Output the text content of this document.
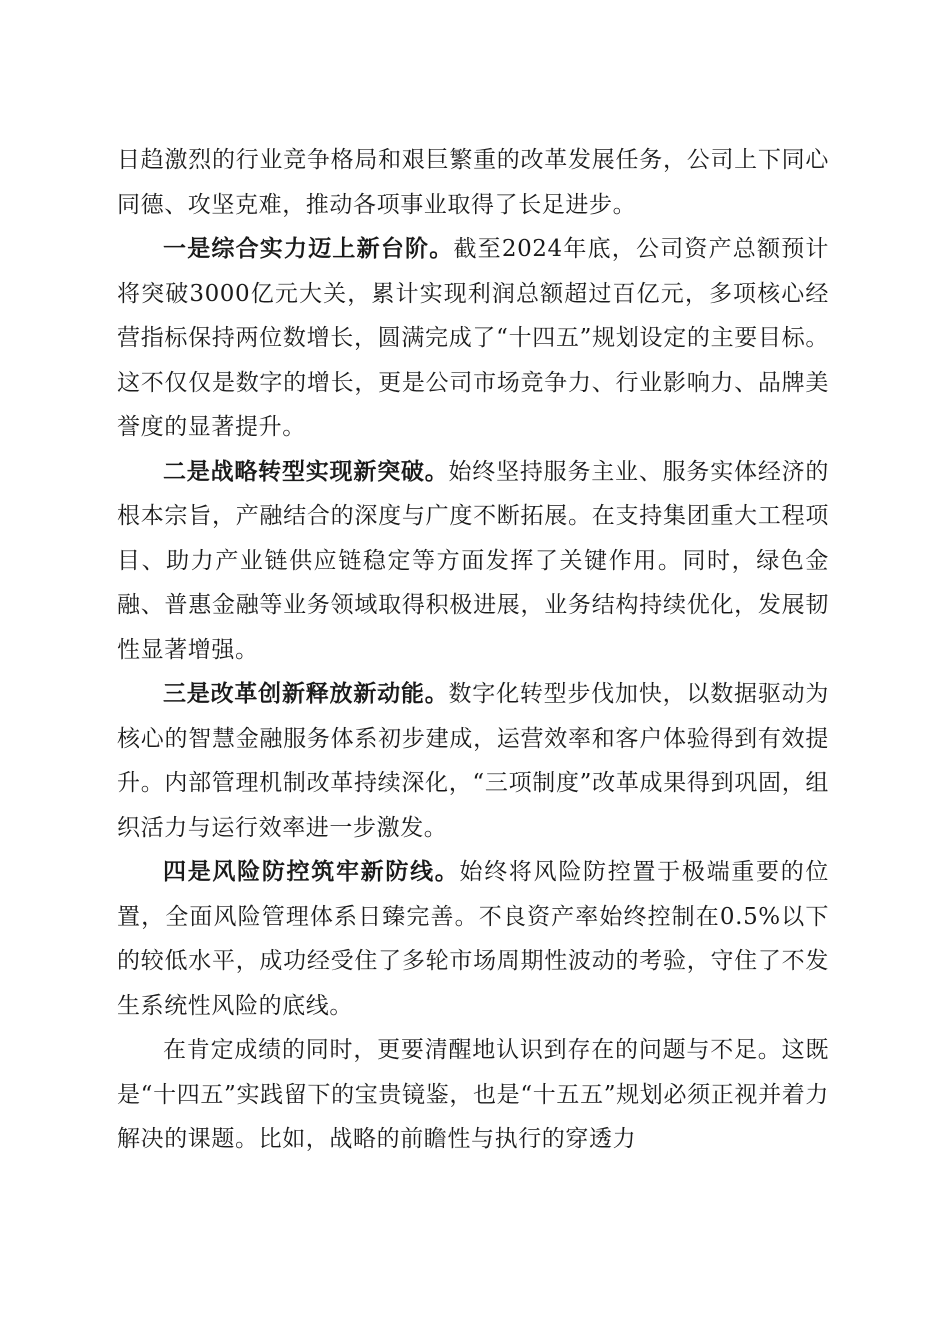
日趋激烈的行业竞争格局和艰巨繁重的改革发展任务，公司上下同心同德、攻坚克难，推动各项事业取得了长足进步。

一是综合实力迈上新台阶。截至2024年底，公司资产总额预计将突破3000亿元大关，累计实现利润总额超过百亿元，多项核心经营指标保持两位数增长，圆满完成了“十四五”规划设定的主要目标。这不仅仅是数字的增长，更是公司市场竞争力、行业影响力、品牌美誉度的显著提升。

二是战略转型实现新突破。始终坚持服务主业、服务实体经济的根本宗旨，产融结合的深度与广度不断拓展。在支持集团重大工程项目、助力产业链供应链稳定等方面发挥了关键作用。同时，绿色金融、普惠金融等业务领域取得积极进展，业务结构持续优化，发展韧性显著增强。

三是改革创新释放新动能。数字化转型步伐加快，以数据驱动为核心的智慧金融服务体系初步建成，运营效率和客户体验得到有效提升。内部管理机制改革持续深化，“三项制度”改革成果得到巩固，组织活力与运行效率进一步激发。

四是风险防控筑牢新防线。始终将风险防控置于极端重要的位置，全面风险管理体系日臻完善。不良资产率始终控制在0.5%以下的较低水平，成功经受住了多轮市场周期性波动的考验，守住了不发生系统性风险的底线。

在肯定成绩的同时，更要清醒地认识到存在的问题与不足。这既是“十四五”实践留下的宝贵镜鉴，也是“十五五”规划必须正视并着力解决的课题。比如，战略的前瞻性与执行的穿透力
